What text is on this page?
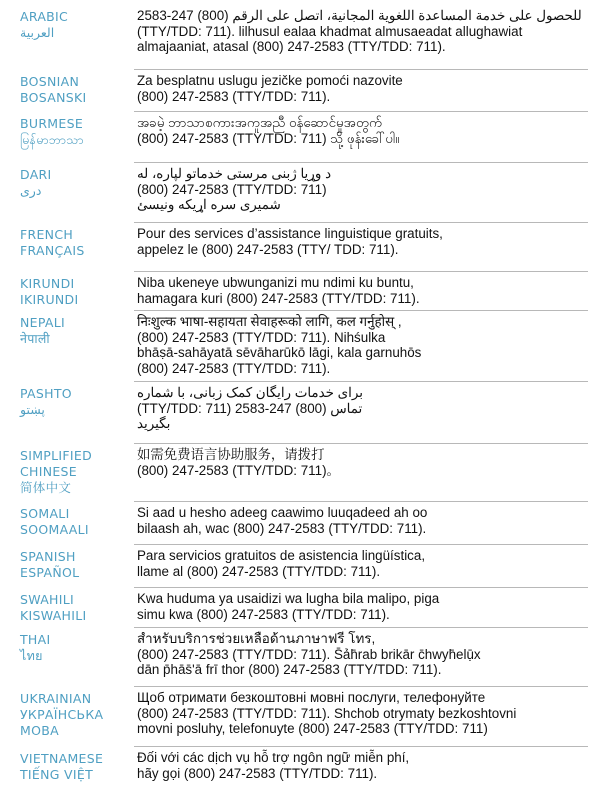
ARABIC
العربية
للحصول على خدمة المساعدة اللغوية المجانية، اتصل على الرقم (800) 247-2583
(TTY/TDD: 711). lilhusul ealaa khadmat almusaeadat allughawiat
almajaaniat, atasal (800) 247-2583 (TTY/TDD: 711).
BOSNIAN
BOSANSKI
Za besplatnu uslugu jezičke pomoći nazovite
(800) 247-2583 (TTY/TDD: 711).
BURMESE
မြန်မာဘာသာ
အခမဲ့ ဘာသာစကားအကူအညီ ဝန်ဆောင်မှုအတွက်
(800) 247-2583 (TTY/TDD: 711) သို့ ဖုန်းခေါ်ပါ။
DARI
دری
د وړیا ژبنی مرستی خدماتو لپاره، له
(800) 247-2583 (TTY/TDD: 711)
شمیری سره اړیکه ونیسئ
FRENCH
FRANÇAIS
Pour des services d’assistance linguistique gratuits,
appelez le (800) 247-2583 (TTY/ TDD: 711).
KIRUNDI
IKIRUNDI
Niba ukeneye ubwunganizi mu ndimi ku buntu,
hamagara kuri (800) 247-2583 (TTY/TDD: 711).
NEPALI
नेपाली
निःशुल्क भाषा-सहायता सेवाहरूको लागि, कल गर्नुहोस् ,
(800) 247-2583 (TTY/TDD: 711). Nihśulka
bhāṣā-sahāyatā sēvāharūkō lāgi, kala garnuhōs
(800) 247-2583 (TTY/TDD: 711).
PASHTO
پښتو
برای خدمات رایگان کمک زبانی، با شماره
تماس (800) 247-2583 (TTY/TDD: 711)
بگیرید
SIMPLIFIED
CHINESE
简体中文
如需免费语言协助服务，请拨打
(800) 247-2583 (TTY/TDD: 711)。
SOMALI
SOOMAALI
Si aad u hesho adeeg caawimo luuqadeed ah oo
bilaash ah, wac (800) 247-2583 (TTY/TDD: 711).
SPANISH
ESPAÑOL
Para servicios gratuitos de asistencia lingüística,
llame al (800) 247-2583 (TTY/TDD: 711).
SWAHILI
KISWAHILI
Kwa huduma ya usaidizi wa lugha bila malipo, piga
simu kwa (800) 247-2583 (TTY/TDD: 711).
THAI
ไทย
สำหรับบริการช่วยเหลือด้านภาษาฟรี โทร,
(800) 247-2583 (TTY/TDD: 711). S̄ảh̄rab brikār c̄hwyh̄elụ̄x
dān p̄hās̄ʹā frī thor (800) 247-2583 (TTY/TDD: 711).
UKRAINIAN
УКРАЇНСЬКА
МОВА
Щоб отримати безкоштовні мовні послуги, телефонуйте
(800) 247-2583 (TTY/TDD: 711). Shchob otrymaty bezkoshtovni
movni posluhy, telefonuyte (800) 247-2583 (TTY/TDD: 711)
VIETNAMESE
TIẾNG VIỆT
Đối với các dịch vụ hỗ trợ ngôn ngữ miễn phí,
hãy gọi (800) 247-2583 (TTY/TDD: 711).
